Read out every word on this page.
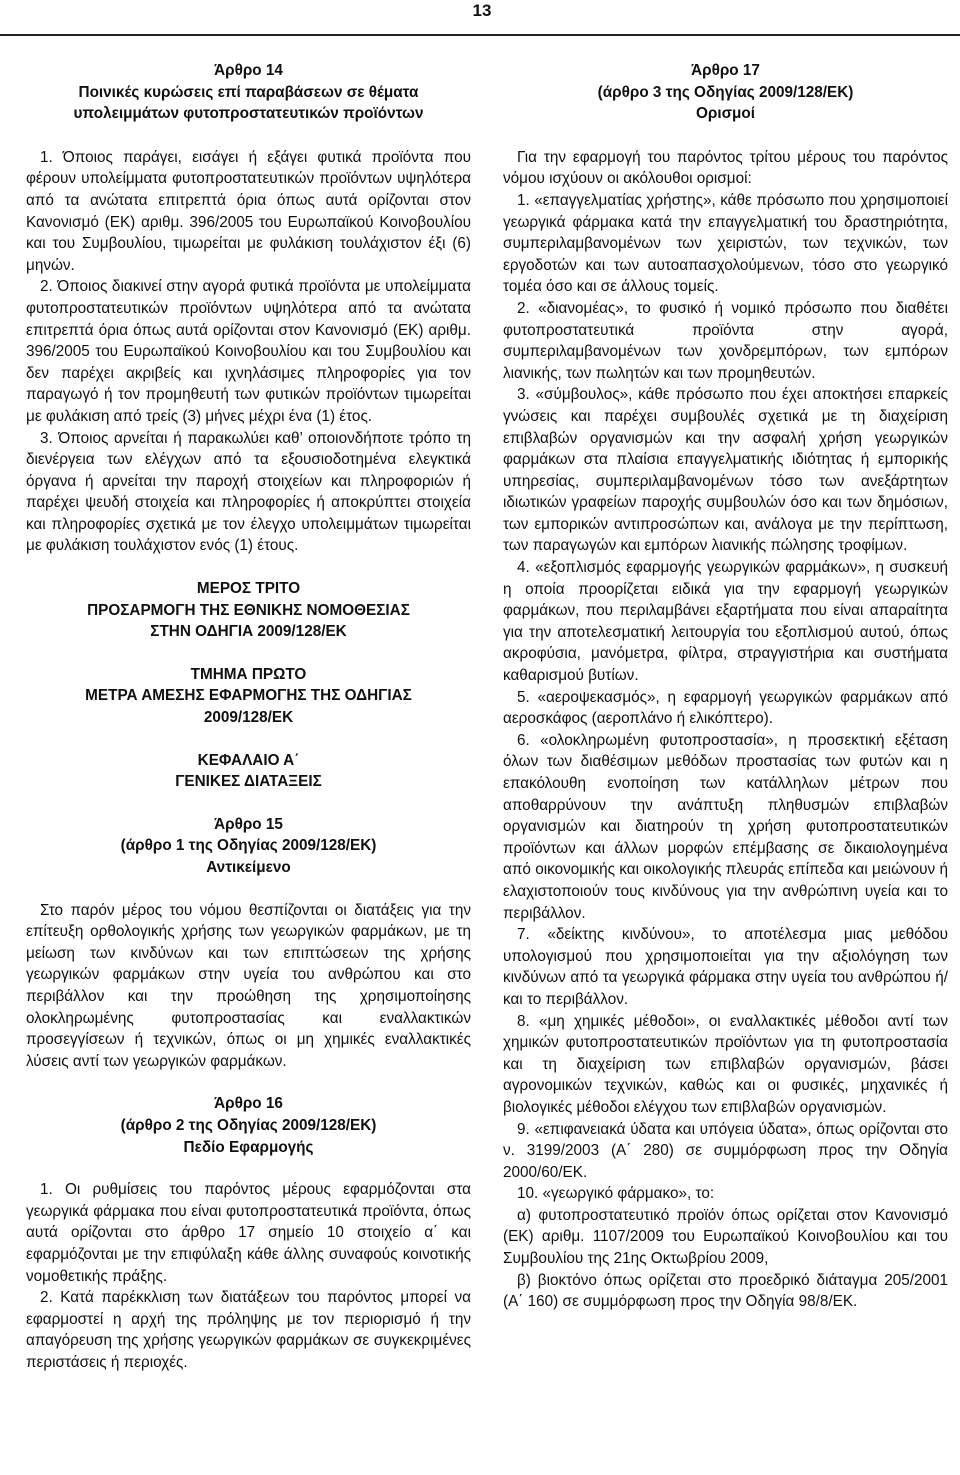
13
Άρθρο 14
Ποινικές κυρώσεις επί παραβάσεων σε θέματα
υπολειμμάτων φυτοπροστατευτικών προϊόντων

1. Όποιος παράγει, εισάγει ή εξάγει φυτικά προϊόντα που φέρουν υπολείμματα φυτοπροστατευτικών προϊόντων υψηλότερα από τα ανώτατα επιτρεπτά όρια όπως αυτά ορίζονται στον Κανονισμό (ΕΚ) αριθμ. 396/2005 του Ευρωπαϊκού Κοινοβουλίου και του Συμβουλίου, τιμωρείται με φυλάκιση τουλάχιστον έξι (6) μηνών.

2. Όποιος διακινεί στην αγορά φυτικά προϊόντα με υπολείμματα φυτοπροστατευτικών προϊόντων υψηλότερα από τα ανώτατα επιτρεπτά όρια όπως αυτά ορίζονται στον Κανονισμό (ΕΚ) αριθμ. 396/2005 του Ευρωπαϊκού Κοινοβουλίου και του Συμβουλίου και δεν παρέχει ακριβείς και ιχνηλάσιμες πληροφορίες για τον παραγωγό ή τον προμηθευτή των φυτικών προϊόντων τιμωρείται με φυλάκιση από τρείς (3) μήνες μέχρι ένα (1) έτος.

3. Όποιος αρνείται ή παρακωλύει καθ’ οποιονδήποτε τρόπο τη διενέργεια των ελέγχων από τα εξουσιοδοτημένα ελεγκτικά όργανα ή αρνείται την παροχή στοιχείων και πληροφοριών ή παρέχει ψευδή στοιχεία και πληροφορίες ή αποκρύπτει στοιχεία και πληροφορίες σχετικά με τον έλεγχο υπολειμμάτων τιμωρείται με φυλάκιση τουλάχιστον ενός (1) έτους.

ΜΕΡΟΣ ΤΡΙΤΟ
ΠΡΟΣΑΡΜΟΓΗ ΤΗΣ ΕΘΝΙΚΗΣ ΝΟΜΟΘΕΣΙΑΣ
ΣΤΗΝ ΟΔΗΓΙΑ 2009/128/ΕΚ
ΤΜΗΜΑ ΠΡΩΤΟ
ΜΕΤΡΑ ΑΜΕΣΗΣ ΕΦΑΡΜΟΓΗΣ ΤΗΣ ΟΔΗΓΙΑΣ
2009/128/ΕΚ
ΚΕΦΑΛΑΙΟ Α΄
ΓΕΝΙΚΕΣ ΔΙΑΤΑΞΕΙΣ
Άρθρο 15
(άρθρο 1 της Οδηγίας 2009/128/ΕΚ)
Αντικείμενο

Στο παρόν μέρος του νόμου θεσπίζονται οι διατάξεις για την επίτευξη ορθολογικής χρήσης των γεωργικών φαρμάκων, με τη μείωση των κινδύνων και των επιπτώσεων της χρήσης γεωργικών φαρμάκων στην υγεία του ανθρώπου και στο περιβάλλον και την προώθηση της χρησιμοποίησης ολοκληρωμένης φυτοπροστασίας και εναλλακτικών προσεγγίσεων ή τεχνικών, όπως οι μη χημικές εναλλακτικές λύσεις αντί των γεωργικών φαρμάκων.

Άρθρο 16
(άρθρο 2 της Οδηγίας 2009/128/ΕΚ)
Πεδίο Εφαρμογής

1. Οι ρυθμίσεις του παρόντος μέρους εφαρμόζονται στα γεωργικά φάρμακα που είναι φυτοπροστατευτικά προϊόντα, όπως αυτά ορίζονται στο άρθρο 17 σημείο 10 στοιχείο α΄ και εφαρμόζονται με την επιφύλαξη κάθε άλλης συναφούς κοινοτικής νομοθετικής πράξης.

2. Κατά παρέκκλιση των διατάξεων του παρόντος μπορεί να εφαρμοστεί η αρχή της πρόληψης με τον περιορισμό ή την απαγόρευση της χρήσης γεωργικών φαρμάκων σε συγκεκριμένες περιστάσεις ή περιοχές.

Άρθρο 17
(άρθρο 3 της Οδηγίας 2009/128/ΕΚ)
Ορισμοί

Για την εφαρμογή του παρόντος τρίτου μέρους του παρόντος νόμου ισχύουν οι ακόλουθοι ορισμοί:

1. «επαγγελματίας χρήστης», κάθε πρόσωπο που χρησιμοποιεί γεωργικά φάρμακα κατά την επαγγελματική του δραστηριότητα, συμπεριλαμβανομένων των χειριστών, των τεχνικών, των εργοδοτών και των αυτοαπασχολούμενων, τόσο στο γεωργικό τομέα όσο και σε άλλους τομείς.

2. «διανομέας», το φυσικό ή νομικό πρόσωπο που διαθέτει φυτοπροστατευτικά προϊόντα στην αγορά, συμπεριλαμβανομένων των χονδρεμπόρων, των εμπόρων λιανικής, των πωλητών και των προμηθευτών.

3. «σύμβουλος», κάθε πρόσωπο που έχει αποκτήσει επαρκείς γνώσεις και παρέχει συμβουλές σχετικά με τη διαχείριση επιβλαβών οργανισμών και την ασφαλή χρήση γεωργικών φαρμάκων στα πλαίσια επαγγελματικής ιδιότητας ή εμπορικής υπηρεσίας, συμπεριλαμβανομένων τόσο των ανεξάρτητων ιδιωτικών γραφείων παροχής συμβουλών όσο και των δημόσιων, των εμπορικών αντιπροσώπων και, ανάλογα με την περίπτωση, των παραγωγών και εμπόρων λιανικής πώλησης τροφίμων.

4. «εξοπλισμός εφαρμογής γεωργικών φαρμάκων», η συσκευή η οποία προορίζεται ειδικά για την εφαρμογή γεωργικών φαρμάκων, που περιλαμβάνει εξαρτήματα που είναι απαραίτητα για την αποτελεσματική λειτουργία του εξοπλισμού αυτού, όπως ακροφύσια, μανόμετρα, φίλτρα, στραγγιστήρια και συστήματα καθαρισμού βυτίων.

5. «αεροψεκασμός», η εφαρμογή γεωργικών φαρμάκων από αεροσκάφος (αεροπλάνο ή ελικόπτερο).

6. «ολοκληρωμένη φυτοπροστασία», η προσεκτική εξέταση όλων των διαθέσιμων μεθόδων προστασίας των φυτών και η επακόλουθη ενοποίηση των κατάλληλων μέτρων που αποθαρρύνουν την ανάπτυξη πληθυσμών επιβλαβών οργανισμών και διατηρούν τη χρήση φυτοπροστατευτικών προϊόντων και άλλων μορφών επέμβασης σε δικαιολογημένα από οικονομικής και οικολογικής πλευράς επίπεδα και μειώνουν ή ελαχιστοποιούν τους κινδύνους για την ανθρώπινη υγεία και το περιβάλλον.

7. «δείκτης κινδύνου», το αποτέλεσμα μιας μεθόδου υπολογισμού που χρησιμοποιείται για την αξιολόγηση των κινδύνων από τα γεωργικά φάρμακα στην υγεία του ανθρώπου ή/και το περιβάλλον.

8. «μη χημικές μέθοδοι», οι εναλλακτικές μέθοδοι αντί των χημικών φυτοπροστατευτικών προϊόντων για τη φυτοπροστασία και τη διαχείριση των επιβλαβών οργανισμών, βάσει αγρονομικών τεχνικών, καθώς και οι φυσικές, μηχανικές ή βιολογικές μέθοδοι ελέγχου των επιβλαβών οργανισμών.

9. «επιφανειακά ύδατα και υπόγεια ύδατα», όπως ορίζονται στο ν. 3199/2003 (Α΄ 280) σε συμμόρφωση προς την Οδηγία 2000/60/ΕΚ.

10. «γεωργικό φάρμακο», το:

α) φυτοπροστατευτικό προϊόν όπως ορίζεται στον Κανονισμό (ΕΚ) αριθμ. 1107/2009 του Ευρωπαϊκού Κοινοβουλίου και του Συμβουλίου της 21ης Οκτωβρίου 2009,

β) βιοκτόνο όπως ορίζεται στο προεδρικό διάταγμα 205/2001 (Α΄ 160) σε συμμόρφωση προς την Οδηγία 98/8/ΕΚ.
